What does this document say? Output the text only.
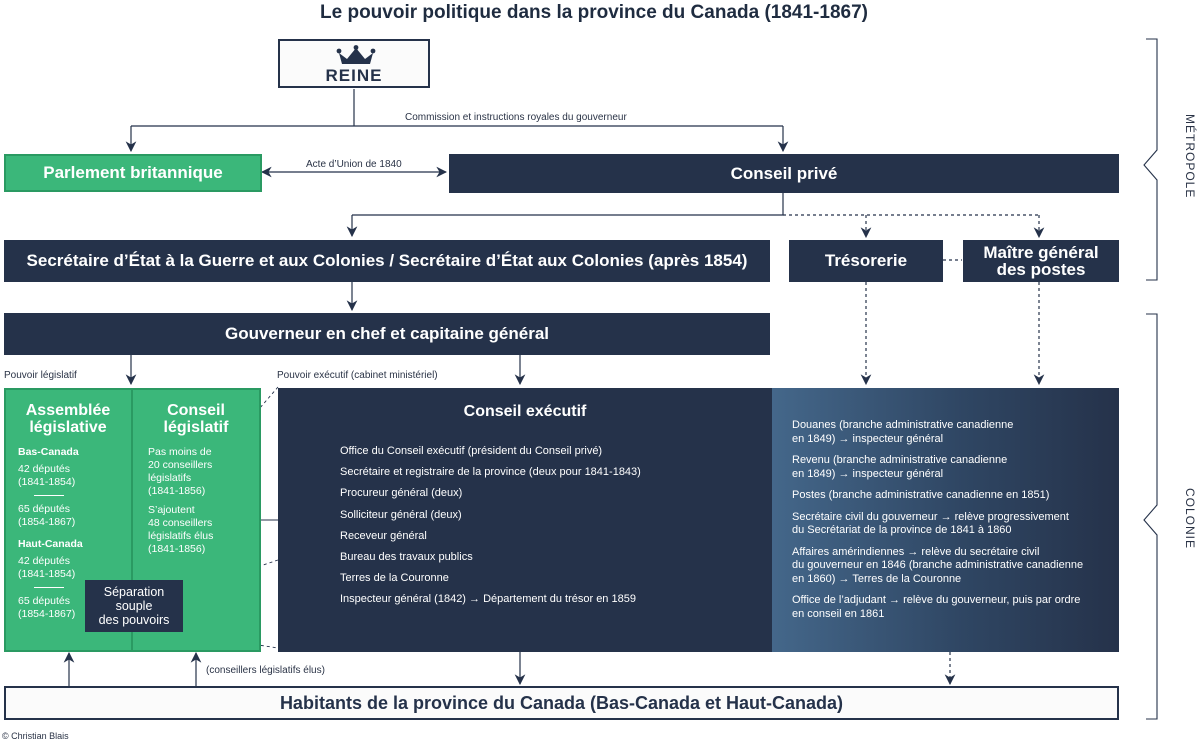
Le pouvoir politique dans la province du Canada (1841-1867)
REINE
Commission et instructions royales du gouverneur
Parlement britannique	Acte d’Union de 1840	Conseil privé
Secrétaire d’État à la Guerre et aux Colonies / Secrétaire d’État aux Colonies (après 1854)	Trésorerie	Maître général
des postes
Gouverneur en chef et capitaine général
Pouvoir législatif	Pouvoir exécutif (cabinet ministériel)
Assemblée
législative
Bas-Canada
42 députés
(1841-1854)
65 députés
(1854-1867)
Haut-Canada
42 députés
(1841-1854)
65 députés
(1854-1867)
Conseil
législatif
Pas moins de
20 conseillers
législatifs
(1841-1856)
S’ajoutent
48 conseillers
législatifs élus
(1841-1856)
Séparation
souple
des pouvoirs
Conseil exécutif
Office du Conseil exécutif (président du Conseil privé)
Secrétaire et registraire de la province (deux pour 1841-1843)
Procureur général (deux)
Solliciteur général (deux)
Receveur général
Bureau des travaux publics
Terres de la Couronne
Inspecteur général (1842) → Département du trésor en 1859
Douanes (branche administrative canadienne
en 1849) → inspecteur général
Revenu (branche administrative canadienne
en 1849) → inspecteur général
Postes (branche administrative canadienne en 1851)
Secrétaire civil du gouverneur → relève progressivement
du Secrétariat de la province de 1841 à 1860
Affaires amérindiennes → relève du secrétaire civil
du gouverneur en 1846 (branche administrative canadienne
en 1860) → Terres de la Couronne
Office de l’adjudant → relève du gouverneur, puis par ordre
en conseil en 1861
(conseillers législatifs élus)
Habitants de la province du Canada (Bas-Canada et Haut-Canada)
MÉTROPOLE
COLONIE
© Christian Blais
